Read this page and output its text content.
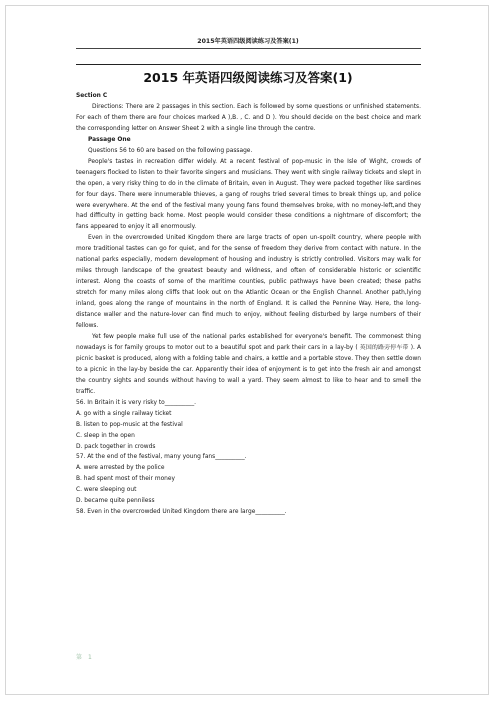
2015年英语四级阅读练习及答案(1)
2015 年英语四级阅读练习及答案(1)

Section C

Directions: There are 2 passages in this section. Each is followed by some questions or unfinished statements. For each of them there are four choices marked A ),B. , C. and D ). You should decide on the best choice and mark the corresponding letter on Answer Sheet 2 with a single line through the centre.

Passage One

Questions 56 to 60 are based on the following passage.

People's tastes in recreation differ widely. At a recent festival of pop-music in the Isle of Wight, crowds of teenagers flocked to listen to their favorite singers and musicians. They went with single railway tickets and slept in the open, a very risky thing to do in the climate of Britain, even in August. They were packed together like sardines for four days. There were innumerable thieves, a gang of roughs tried several times to break things up, and police were everywhere. At the end of the festival many young fans found themselves broke, with no money-left,and they had difficulty in getting back home. Most people would consider these conditions a nightmare of discomfort; the fans appeared to enjoy it all enormously.

Even in the overcrowded United Kingdom there are large tracts of open un-spoilt country, where people with more traditional tastes can go for quiet, and for the sense of freedom they derive from contact with nature. In the national parks especially, modern development of housing and industry is strictly controlled. Visitors may walk for miles through landscape of the greatest beauty and wildness, and often of considerable historic or scientific interest. Along the coasts of some of the maritime counties, public pathways have been created; these paths stretch for many miles along cliffs that look out on the Atlantic Ocean or the English Channel. Another path,lying inland, goes along the range of mountains in the north of England. It is called the Pennine Way. Here, the long-distance waller and the nature-lover can find much to enjoy, without feeling disturbed by large numbers of their fellows.

Yet few people make full use of the national parks established for everyone's benefit. The commonest thing nowadays is for family groups to motor out to a beautiful spot and park their cars in a lay-by ( 英国的路旁停车带 ). A picnic basket is produced, along with a folding table and chairs, a kettle and a portable stove. They then settle down to a picnic in the lay-by beside the car. Apparently their idea of enjoyment is to get into the fresh air and amongst the country sights and sounds without having to wall a yard. They seem almost to like to hear and to smell the traffic.

56. In Britain it is very risky to__________.

A. go with a single railway ticket

B. listen to pop-music at the festival

C. sleep in the open

D. pack together in crowds

57. At the end of the festival, many young fans__________.

A. were arrested by the police

B. had spent most of their money

C. were sleeping out

D. became quite penniless

58. Even in the overcrowded United Kingdom there are large__________.

第 1
